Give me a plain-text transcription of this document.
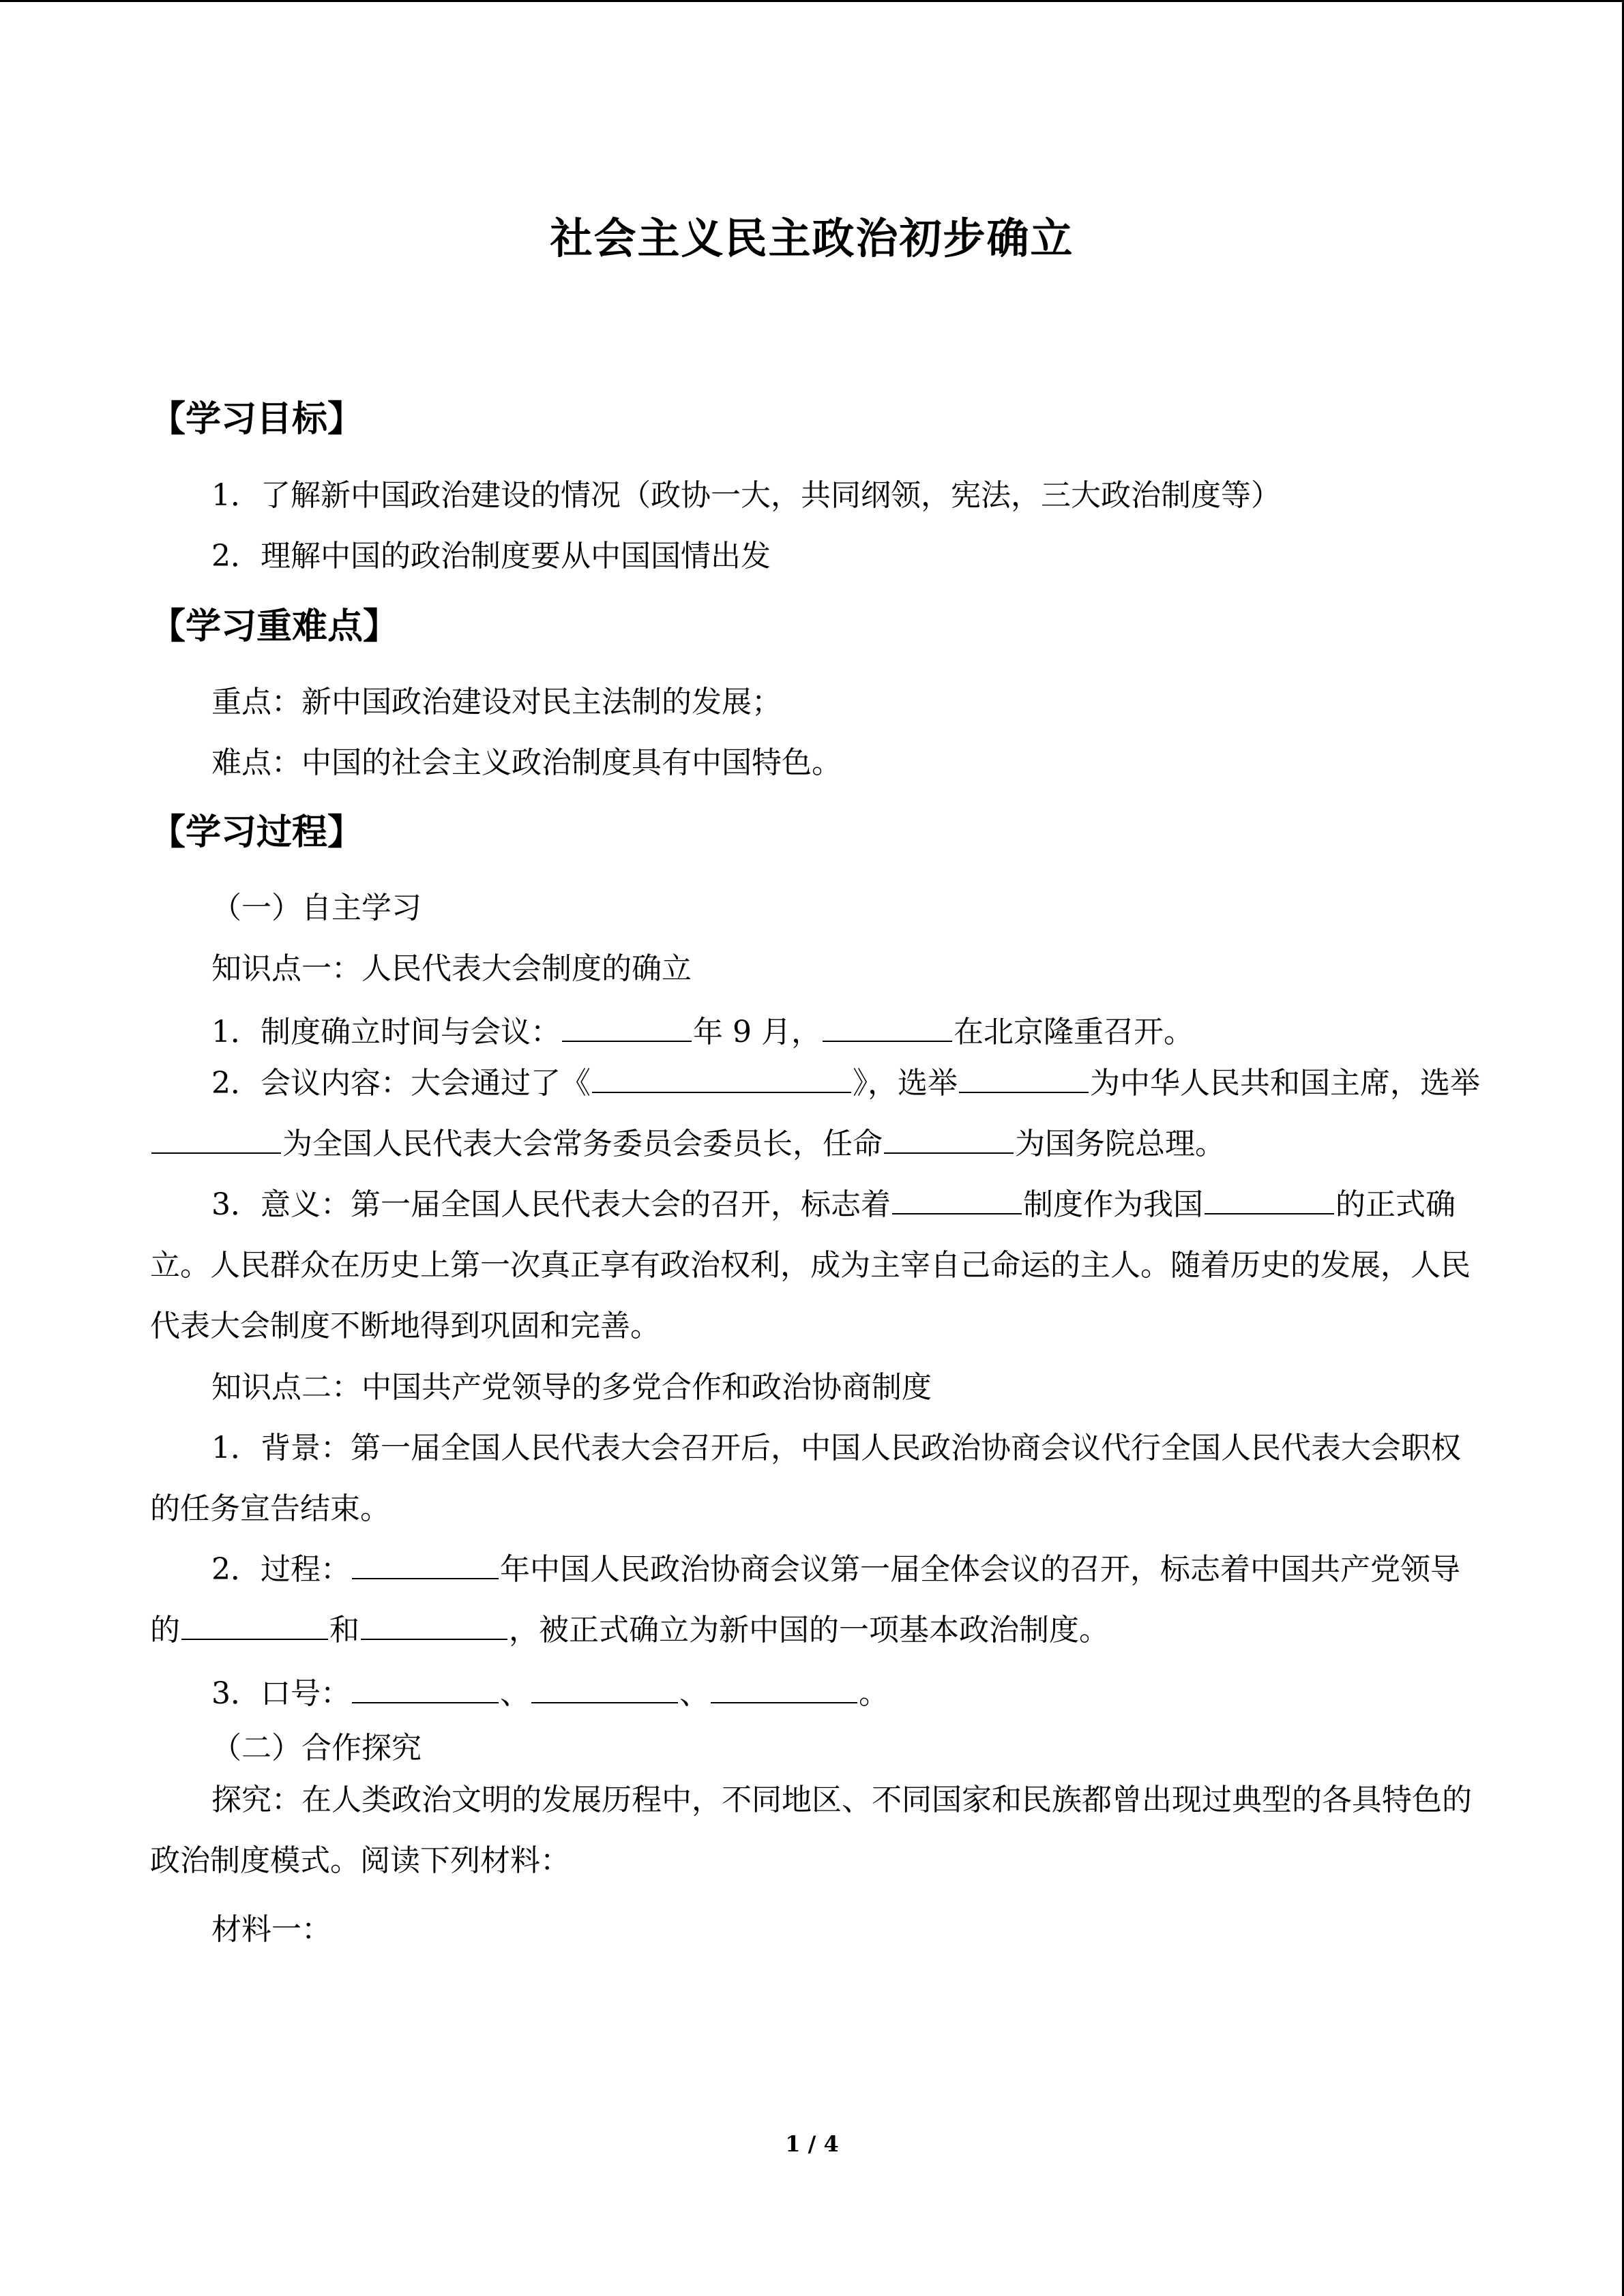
社会主义民主政治初步确立
【学习目标】
1．了解新中国政治建设的情况（政协一大，共同纲领，宪法，三大政治制度等）
2．理解中国的政治制度要从中国国情出发
【学习重难点】
重点：新中国政治建设对民主法制的发展；
难点：中国的社会主义政治制度具有中国特色。
【学习过程】
（一）自主学习
知识点一：人民代表大会制度的确立
1．制度确立时间与会议：	年 9 月，	在北京隆重召开。
2．会议内容：大会通过了《	》，选举	为中华人民共和国主席，选举为全国人民代表大会常务委员会委员长，任命	为国务院总理。
3．意义：第一届全国人民代表大会的召开，标志着	制度作为我国	的正式确立。人民群众在历史上第一次真正享有政治权利，成为主宰自己命运的主人。随着历史的发展，人民代表大会制度不断地得到巩固和完善。
知识点二：中国共产党领导的多党合作和政治协商制度
1．背景：第一届全国人民代表大会召开后，中国人民政治协商会议代行全国人民代表大会职权的任务宣告结束。
2．过程：	年中国人民政治协商会议第一届全体会议的召开，标志着中国共产党领导的	和	，被正式确立为新中国的一项基本政治制度。
3．口号：	、	、	。
（二）合作探究
探究：在人类政治文明的发展历程中，不同地区、不同国家和民族都曾出现过典型的各具特色的政治制度模式。阅读下列材料：
材料一：
1 / 4
